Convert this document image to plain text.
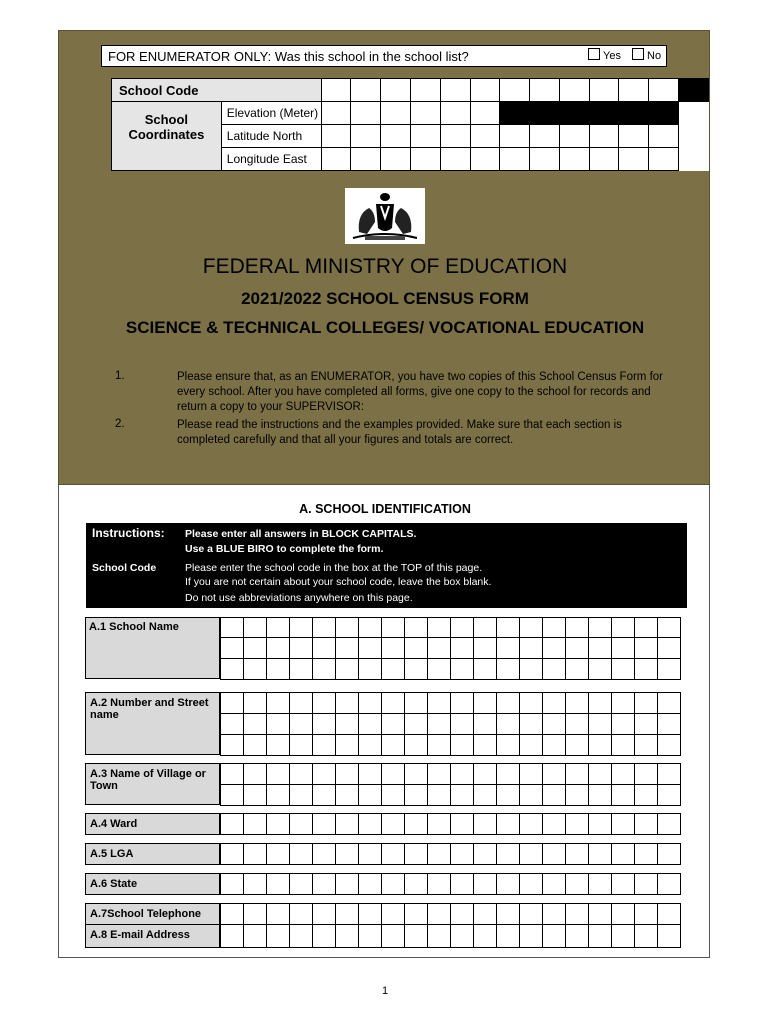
FOR ENUMERATOR ONLY: Was this school in the school list?	Yes	No
School Code														
School Coordinates	Elevation (Meter)													
	Latitude North													
	Longitude East													
FEDERAL MINISTRY OF EDUCATION
2021/2022 SCHOOL CENSUS FORM
SCIENCE & TECHNICAL COLLEGES/ VOCATIONAL EDUCATION
1.	Please ensure that, as an ENUMERATOR, you have two copies of this School Census Form for every school. After you have completed all forms, give one copy to the school for records and return a copy to your SUPERVISOR:
2.	Please read the instructions and the examples provided. Make sure that each section is completed carefully and that all your figures and totals are correct.
A. SCHOOL IDENTIFICATION
Instructions: Please enter all answers in BLOCK CAPITALS.
Use a BLUE BIRO to complete the form.
School Code	Please enter the school code in the box at the TOP of this page.
If you are not certain about your school code, leave the box blank.
Do not use abbreviations anywhere on this page.
A.1 School Name

A.2 Number and Street name
A.3 Name of Village or Town
A.4 Ward
A.5 LGA
A.6 State
A.7School Telephone
A.8 E-mail Address
1
